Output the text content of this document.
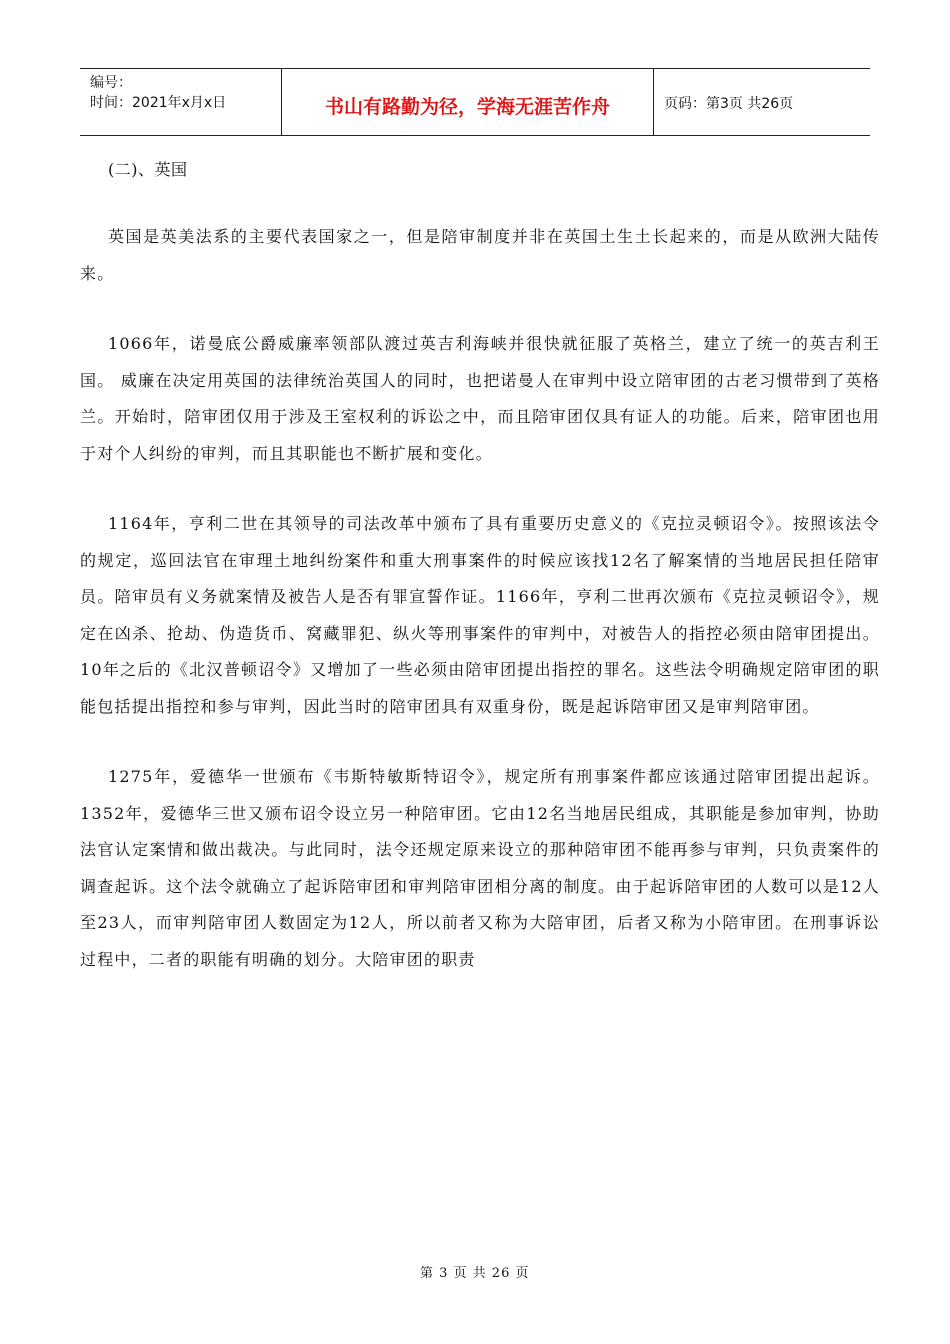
编号：
时间：2021年x月x日	书山有路勤为径，学海无涯苦作舟	页码：第3页 共26页
(二)、英国

英国是英美法系的主要代表国家之一，但是陪审制度并非在英国土生土长起来的，而是从欧洲大陆传来。

1066年，诺曼底公爵威廉率领部队渡过英吉利海峡并很快就征服了英格兰，建立了统一的英吉利王国。 威廉在决定用英国的法律统治英国人的同时，也把诺曼人在审判中设立陪审团的古老习惯带到了英格兰。开始时，陪审团仅用于涉及王室权利的诉讼之中，而且陪审团仅具有证人的功能。后来，陪审团也用于对个人纠纷的审判，而且其职能也不断扩展和变化。

1164年，亨利二世在其领导的司法改革中颁布了具有重要历史意义的《克拉灵顿诏令》。按照该法令的规定，巡回法官在审理土地纠纷案件和重大刑事案件的时候应该找12名了解案情的当地居民担任陪审员。陪审员有义务就案情及被告人是否有罪宣誓作证。1166年，亨利二世再次颁布《克拉灵顿诏令》，规定在凶杀、抢劫、伪造货币、窝藏罪犯、纵火等刑事案件的审判中，对被告人的指控必须由陪审团提出。10年之后的《北汉普顿诏令》又增加了一些必须由陪审团提出指控的罪名。这些法令明确规定陪审团的职能包括提出指控和参与审判，因此当时的陪审团具有双重身份，既是起诉陪审团又是审判陪审团。

1275年，爱德华一世颁布《韦斯特敏斯特诏令》，规定所有刑事案件都应该通过陪审团提出起诉。1352年，爱德华三世又颁布诏令设立另一种陪审团。它由12名当地居民组成，其职能是参加审判，协助法官认定案情和做出裁决。与此同时，法令还规定原来设立的那种陪审团不能再参与审判，只负责案件的调查起诉。这个法令就确立了起诉陪审团和审判陪审团相分离的制度。由于起诉陪审团的人数可以是12人至23人，而审判陪审团人数固定为12人，所以前者又称为大陪审团，后者又称为小陪审团。在刑事诉讼过程中，二者的职能有明确的划分。大陪审团的职责

第 3 页 共 26 页
